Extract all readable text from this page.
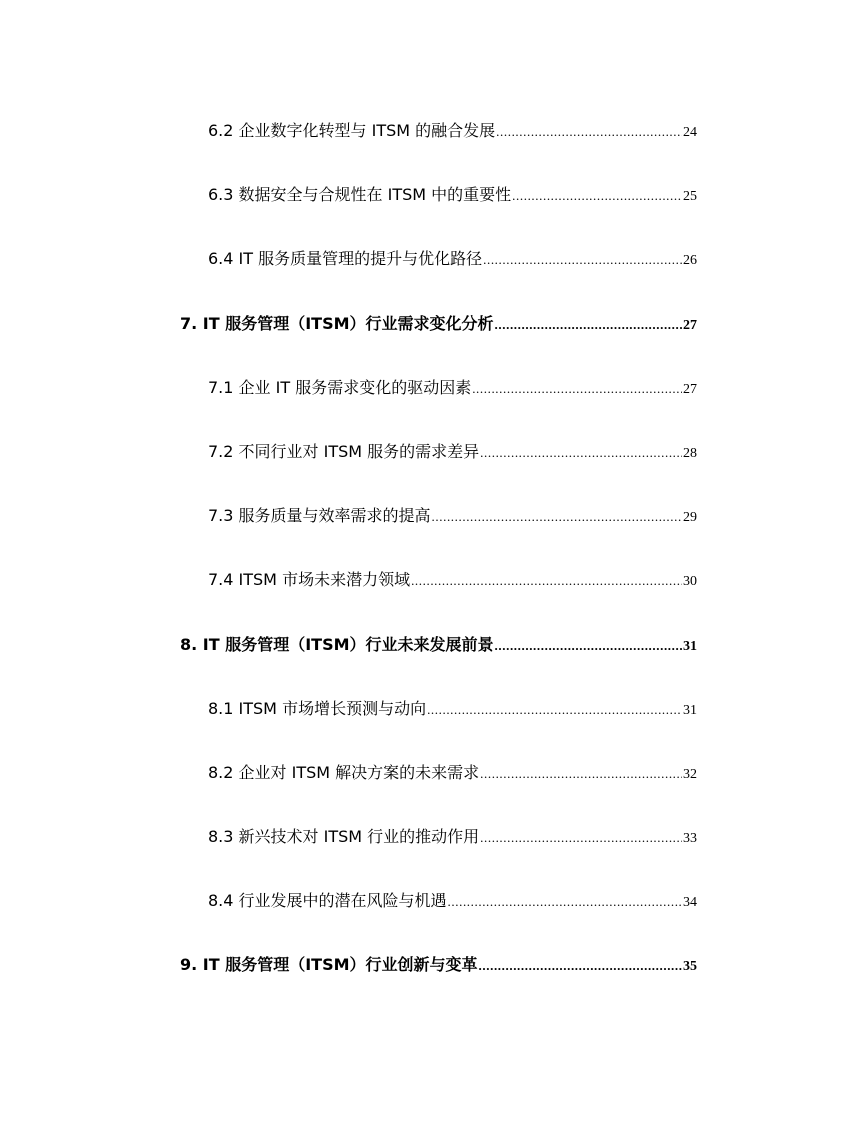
6.2 企业数字化转型与 ITSM 的融合发展 .....	24
6.3 数据安全与合规性在 ITSM 中的重要性 .....	25
6.4 IT 服务质量管理的提升与优化路径 .....	26
7. IT 服务管理（ITSM）行业需求变化分析 .....	27
7.1 企业 IT 服务需求变化的驱动因素 .....	27
7.2 不同行业对 ITSM 服务的需求差异 .....	28
7.3 服务质量与效率需求的提高 .....	29
7.4 ITSM 市场未来潜力领域 .....	30
8. IT 服务管理（ITSM）行业未来发展前景 .....	31
8.1 ITSM 市场增长预测与动向 .....	31
8.2 企业对 ITSM 解决方案的未来需求 .....	32
8.3 新兴技术对 ITSM 行业的推动作用 .....	33
8.4 行业发展中的潜在风险与机遇 .....	34
9. IT 服务管理（ITSM）行业创新与变革 .....	35
